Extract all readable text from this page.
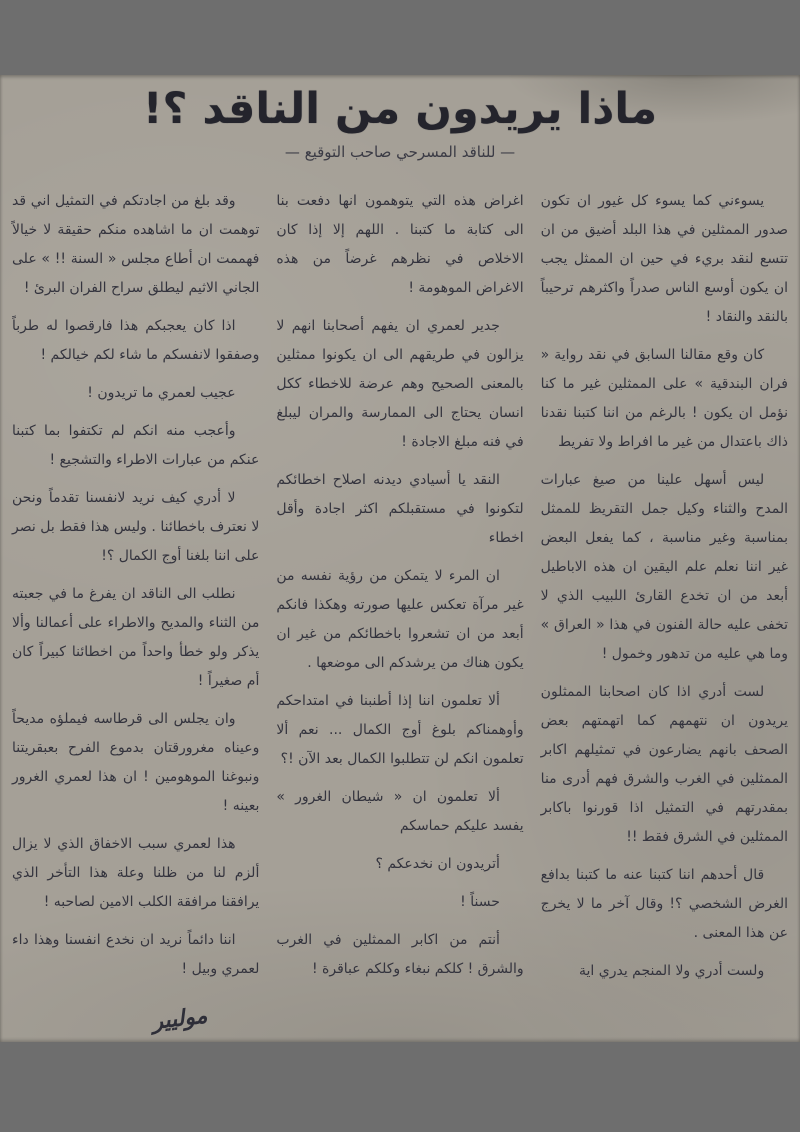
ماذا يريدون من الناقد ؟!
— للناقد المسرحي صاحب التوقيع —

يسوءني كما يسوء كل غيور ان تكون صدور الممثلين في هذا البلد أضيق من ان تتسع لنقد بريء في حين ان الممثل يجب ان يكون أوسع الناس صدراً واكثرهم ترحيباً بالنقد والنقاد !

كان وقع مقالنا السابق في نقد رواية « فران البندقية » على الممثلين غير ما كنا نؤمل ان يكون ! بالرغم من اننا كتبنا نقدنا ذاك باعتدال من غير ما افراط ولا تفريط

ليس أسهل علينا من صيغ عبارات المدح والثناء وكيل جمل التقريظ للممثل بمناسبة وغير مناسبة ، كما يفعل البعض غير اننا نعلم علم اليقين ان هذه الاباطيل أبعد من ان تخدع القارئ اللبيب الذي لا تخفى عليه حالة الفنون في هذا « العراق » وما هي عليه من تدهور وخمول !

لست أدري اذا كان اصحابنا الممثلون يريدون ان نتهمهم كما اتهمتهم بعض الصحف بانهم يضارعون في تمثيلهم اكابر الممثلين في الغرب والشرق فهم أدرى منا بمقدرتهم في التمثيل اذا قورنوا باكابر الممثلين في الشرق فقط !!

قال أحدهم اننا كتبنا عنه ما كتبنا بدافع الغرض الشخصي ؟! وقال آخر ما لا يخرج عن هذا المعنى .

ولست أدري ولا المنجم يدري اية

اغراض هذه التي يتوهمون انها دفعت بنا الى كتابة ما كتبنا . اللهم إلا إذا كان الاخلاص في نظرهم غرضاً من هذه الاغراض الموهومة !

جدير لعمري ان يفهم أصحابنا انهم لا يزالون في طريقهم الى ان يكونوا ممثلين بالمعنى الصحيح وهم عرضة للاخطاء ككل انسان يحتاج الى الممارسة والمران ليبلغ في فنه مبلغ الاجادة !

النقد يا أسيادي ديدنه اصلاح اخطائكم لتكونوا في مستقبلكم اكثر اجادة وأقل اخطاء

ان المرء لا يتمكن من رؤية نفسه من غير مرآة تعكس عليها صورته وهكذا فانكم أبعد من ان تشعروا باخطائكم من غير ان يكون هناك من يرشدكم الى موضعها .

ألا تعلمون اننا إذا أطنبنا في امتداحكم وأوهمناكم بلوغ أوج الكمال ... نعم ألا تعلمون انكم لن تتطلبوا الكمال بعد الآن !؟

ألا تعلمون ان « شيطان الغرور » يفسد عليكم حماسكم

أتريدون ان نخدعكم ؟

حسناً !

أنتم من اكابر الممثلين في الغرب والشرق ! كلكم نبغاء وكلكم عباقرة !

وقد بلغ من اجادتكم في التمثيل اني قد توهمت ان ما اشاهده منكم حقيقة لا خيالاً فهممت ان أطاع مجلس « السنة !! » على الجاني الاثيم ليطلق سراح الفران البرئ !

اذا كان يعجبكم هذا فارقصوا له طرباً وصفقوا لانفسكم ما شاء لكم خيالكم !

عجيب لعمري ما تريدون !

وأعجب منه انكم لم تكتفوا بما كتبنا عنكم من عبارات الاطراء والتشجيع !

لا أدري كيف نريد لانفسنا تقدماً ونحن لا نعترف باخطائنا . وليس هذا فقط بل نصر على اننا بلغنا أوج الكمال ؟!

نطلب الى الناقد ان يفرغ ما في جعبته من الثناء والمديح والاطراء على أعمالنا وألا يذكر ولو خطأ واحداً من اخطائنا كبيراً كان أم صغيراً !

وان يجلس الى قرطاسه فيملؤه مديحاً وعيناه مغرورقتان بدموع الفرح بعبقريتنا ونبوغنا الموهومين ! ان هذا لعمري الغرور بعينه !

هذا لعمري سبب الاخفاق الذي لا يزال ألزم لنا من ظلنا وعلة هذا التأخر الذي يرافقنا مرافقة الكلب الامين لصاحبه !

اننا دائماً نريد ان نخدع انفسنا وهذا داء لعمري وبيل !

موليير
